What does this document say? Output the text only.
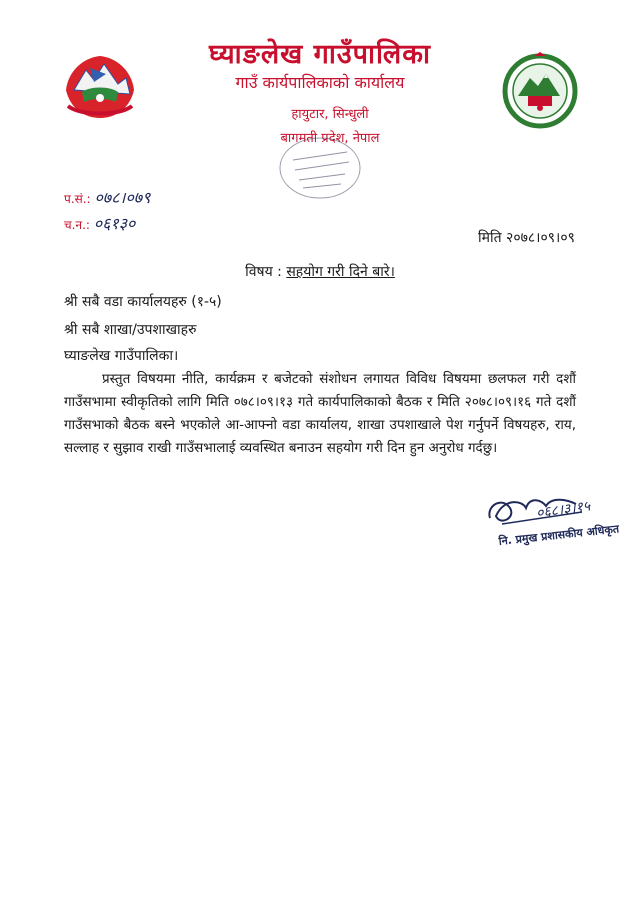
घ्याङलेख गाउँपालिका
गाउँ कार्यपालिकाको कार्यालय
हायुटार, सिन्धुली
बागमती प्रदेश, नेपाल
प.सं.: ०७८।०७९
च.न.: ०६१३०
मिति २०७८।०९।०९
विषय : सहयोग गरी दिने बारे।
श्री सबै वडा कार्यालयहरु (१-५)
श्री सबै शाखा/उपशाखाहरु
घ्याङलेख गाउँपालिका।
प्रस्तुत विषयमा नीति, कार्यक्रम र बजेटको संशोधन लगायत विविध विषयमा छलफल गरी दशौं गाउँसभामा स्वीकृतिको लागि मिति ०७८।०९।१३ गते कार्यपालिकाको बैठक र मिति २०७८।०९।१६ गते दशौं गाउँसभाको बैठक बस्ने भएकोले आ-आफ्नो वडा कार्यालय, शाखा उपशाखाले पेश गर्नुपर्ने विषयहरु, राय, सल्लाह र सुझाव राखी गाउँसभालाई व्यवस्थित बनाउन सहयोग गरी दिन हुन अनुरोध गर्दछु।
०६८।३।१५
नि. प्रमुख प्रशासकीय अधिकृत
